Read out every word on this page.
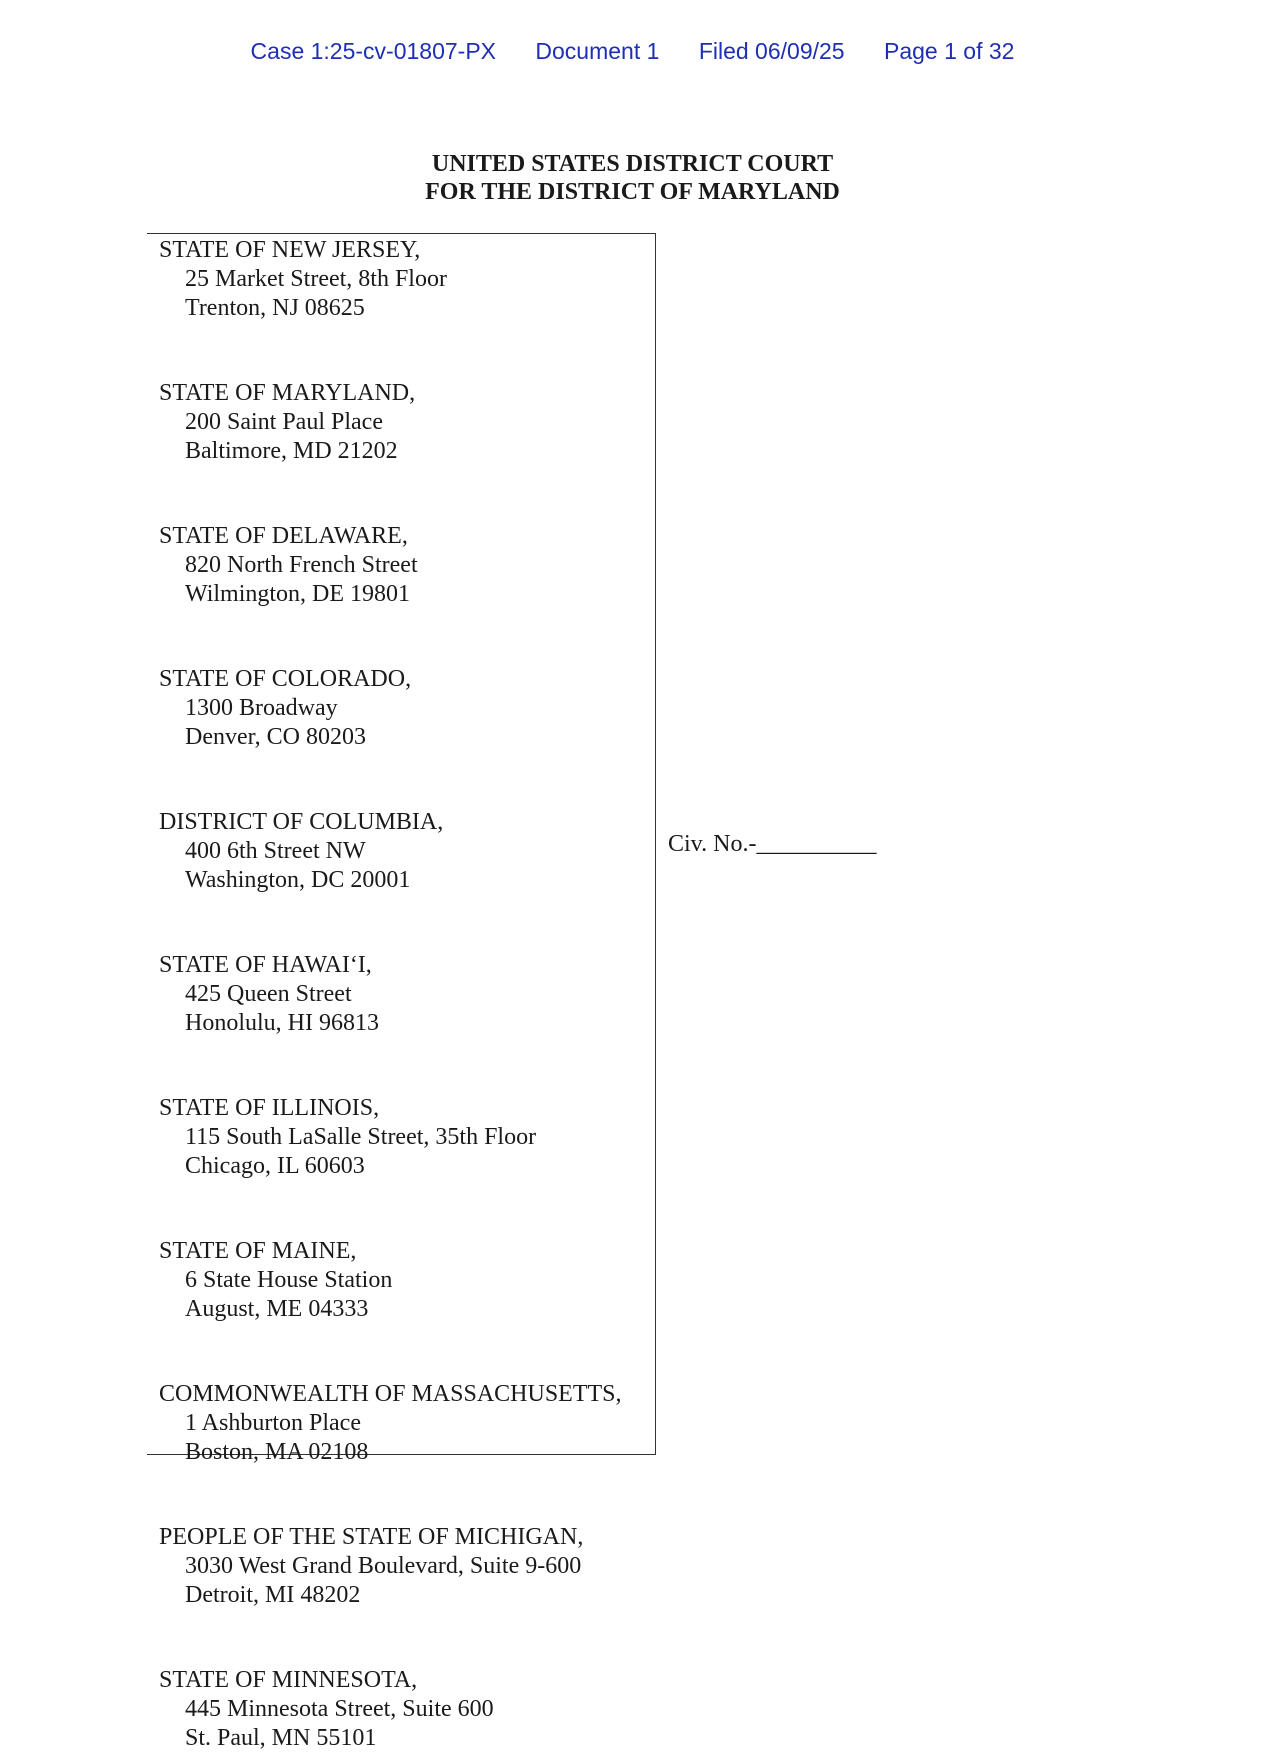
Case 1:25-cv-01807-PX Document 1 Filed 06/09/25 Page 1 of 32
UNITED STATES DISTRICT COURT
FOR THE DISTRICT OF MARYLAND
STATE OF NEW JERSEY,
25 Market Street, 8th Floor
Trenton, NJ 08625
STATE OF MARYLAND,
200 Saint Paul Place
Baltimore, MD 21202
STATE OF DELAWARE,
820 North French Street
Wilmington, DE 19801
STATE OF COLORADO,
1300 Broadway
Denver, CO 80203
DISTRICT OF COLUMBIA,
400 6th Street NW
Washington, DC 20001
STATE OF HAWAI‘I,
425 Queen Street
Honolulu, HI 96813
STATE OF ILLINOIS,
115 South LaSalle Street, 35th Floor
Chicago, IL 60603
STATE OF MAINE,
6 State House Station
August, ME 04333
COMMONWEALTH OF MASSACHUSETTS,
1 Ashburton Place
Boston, MA 02108
PEOPLE OF THE STATE OF MICHIGAN,
3030 West Grand Boulevard, Suite 9-600
Detroit, MI 48202
STATE OF MINNESOTA,
445 Minnesota Street, Suite 600
St. Paul, MN 55101
Civ. No.-__________
